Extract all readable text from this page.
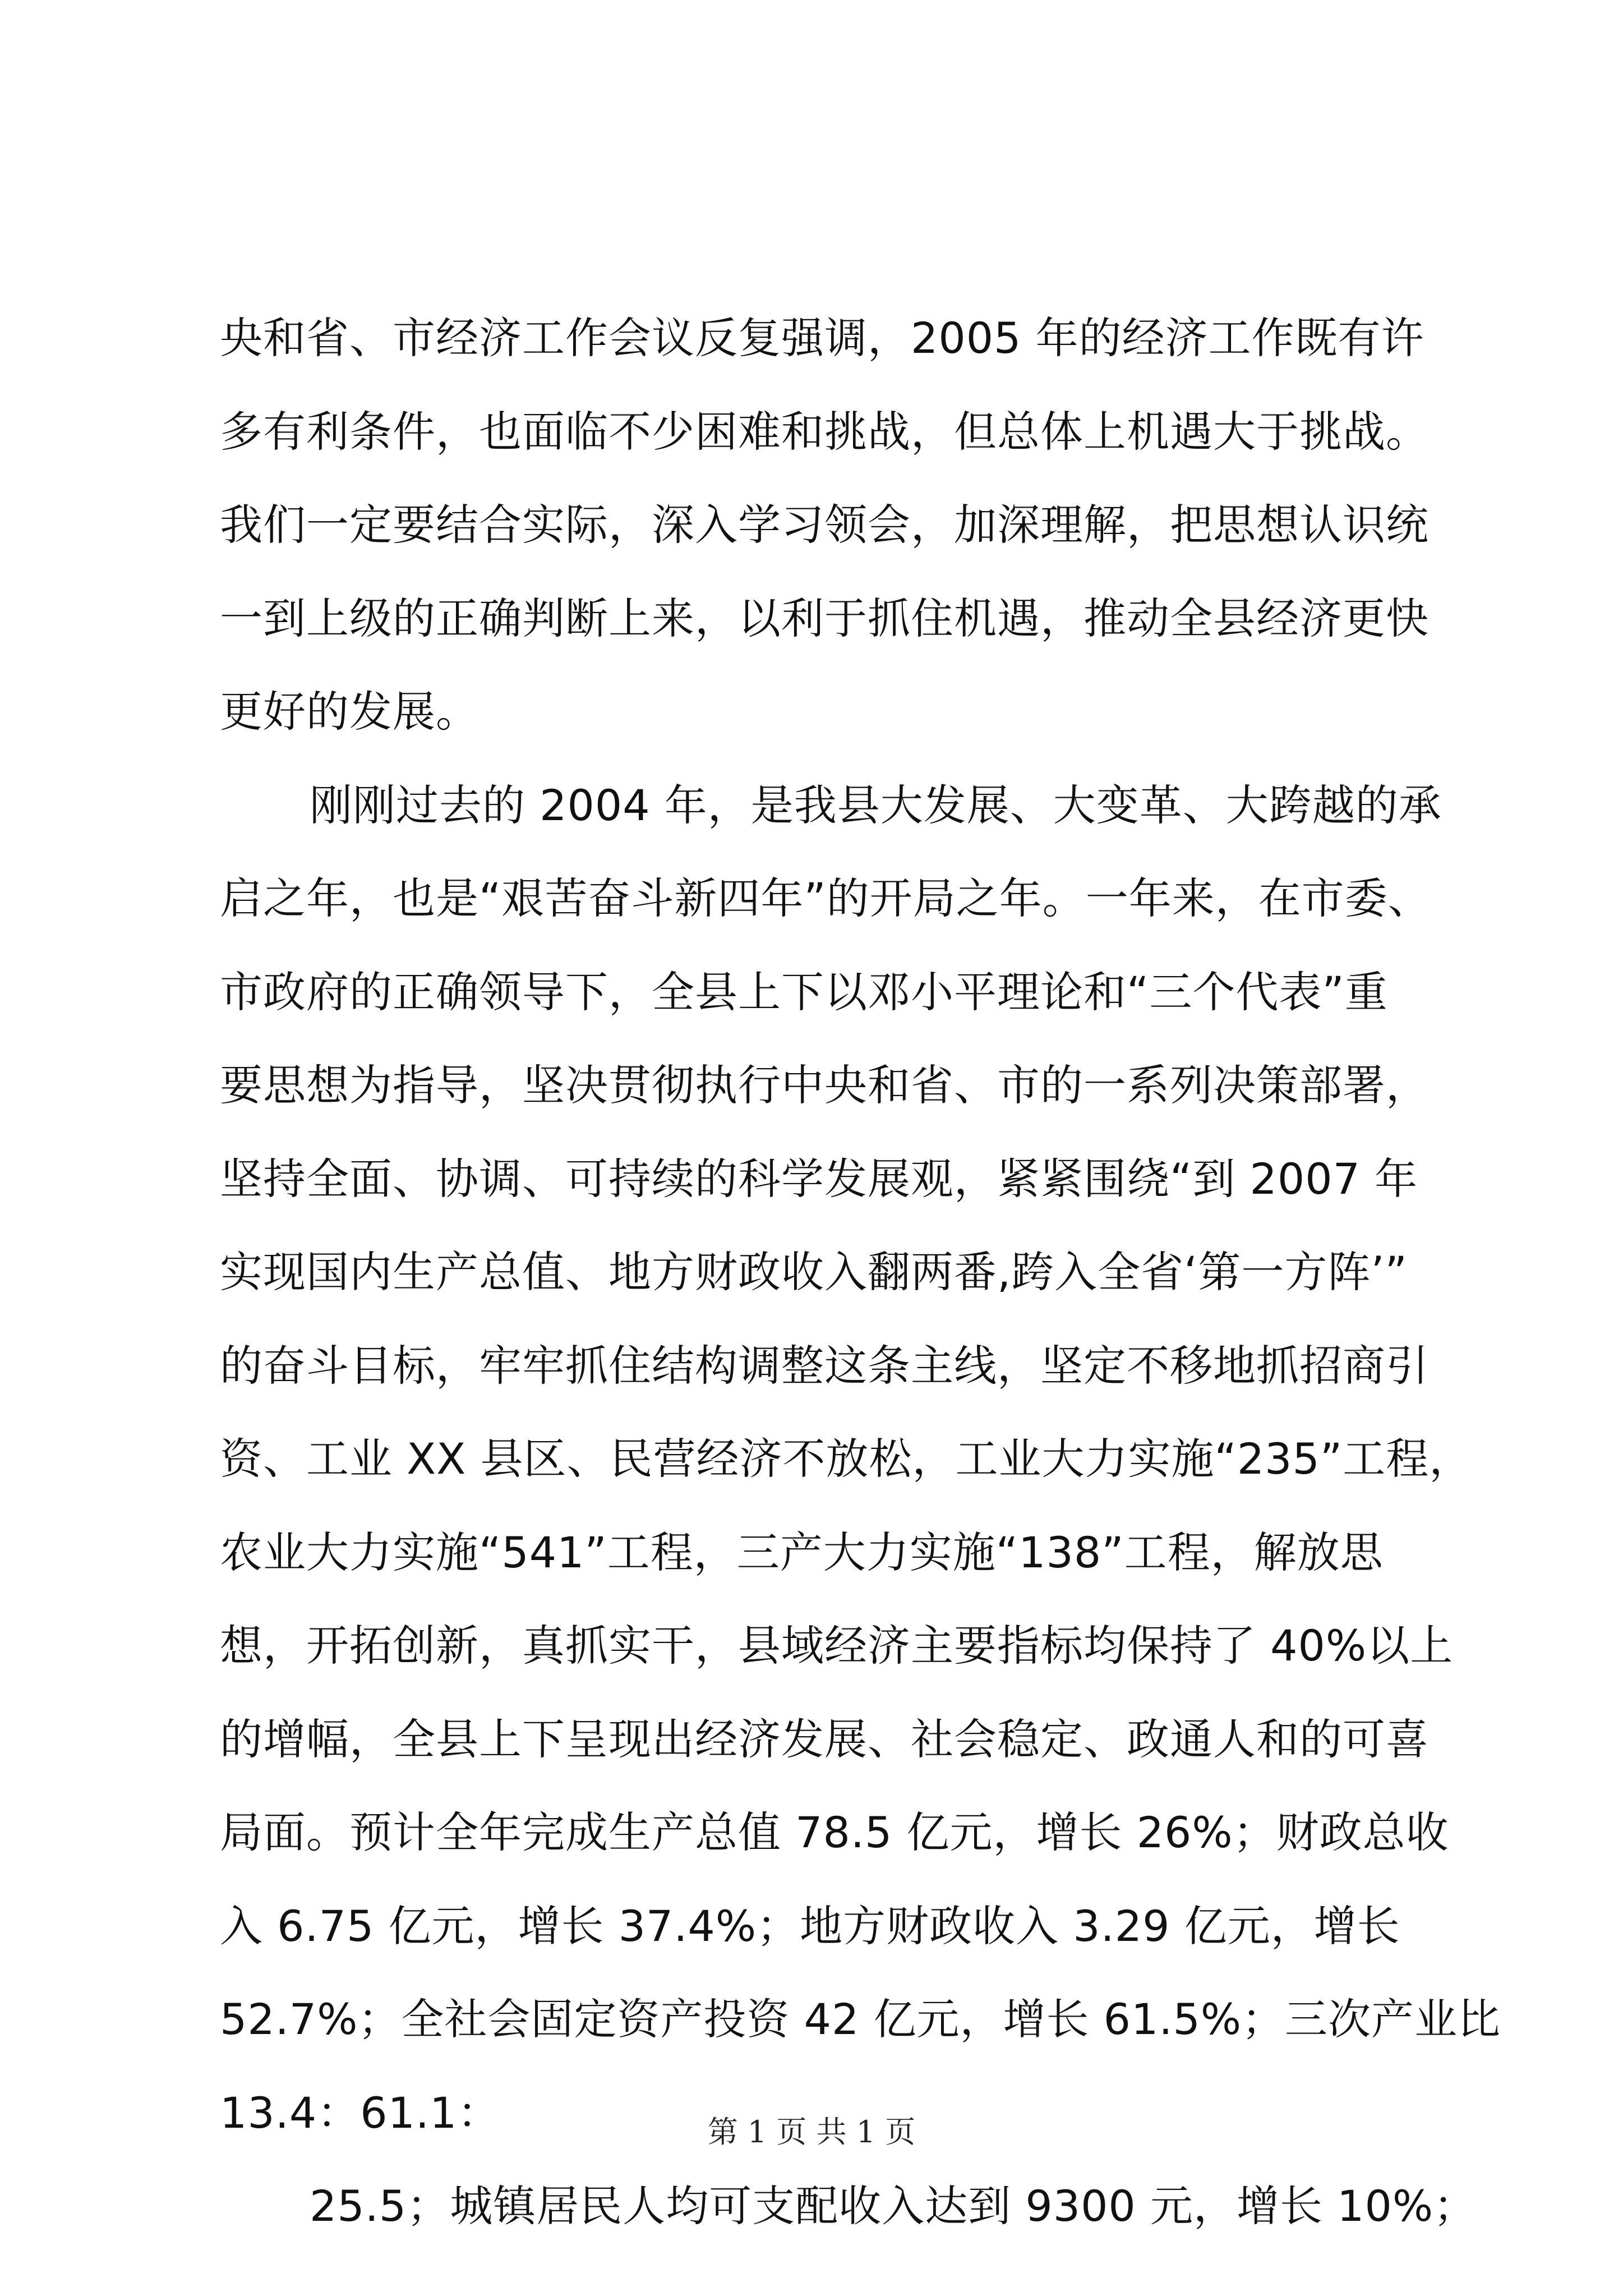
央和省、市经济工作会议反复强调，2005 年的经济工作既有许
多有利条件，也面临不少困难和挑战，但总体上机遇大于挑战。
我们一定要结合实际，深入学习领会，加深理解，把思想认识统
一到上级的正确判断上来，以利于抓住机遇，推动全县经济更快
更好的发展。
刚刚过去的 2004 年，是我县大发展、大变革、大跨越的承
启之年，也是“艰苦奋斗新四年”的开局之年。一年来，在市委、
市政府的正确领导下，全县上下以邓小平理论和“三个代表”重
要思想为指导，坚决贯彻执行中央和省、市的一系列决策部署，
坚持全面、协调、可持续的科学发展观，紧紧围绕“到 2007 年
实现国内生产总值、地方财政收入翻两番,跨入全省‘第一方阵’”
的奋斗目标，牢牢抓住结构调整这条主线，坚定不移地抓招商引
资、工业 XX 县区、民营经济不放松，工业大力实施“235”工程，
农业大力实施“541”工程，三产大力实施“138”工程，解放思
想，开拓创新，真抓实干，县域经济主要指标均保持了 40%以上
的增幅，全县上下呈现出经济发展、社会稳定、政通人和的可喜
局面。预计全年完成生产总值 78.5 亿元，增长 26%；财政总收
入 6.75 亿元，增长 37.4%；地方财政收入 3.29 亿元，增长
52.7%；全社会固定资产投资 42 亿元，增长 61.5%；三次产业比
13.4：61.1：
25.5；城镇居民人均可支配收入达到 9300 元，增长 10%；
第 1 页 共 1 页
